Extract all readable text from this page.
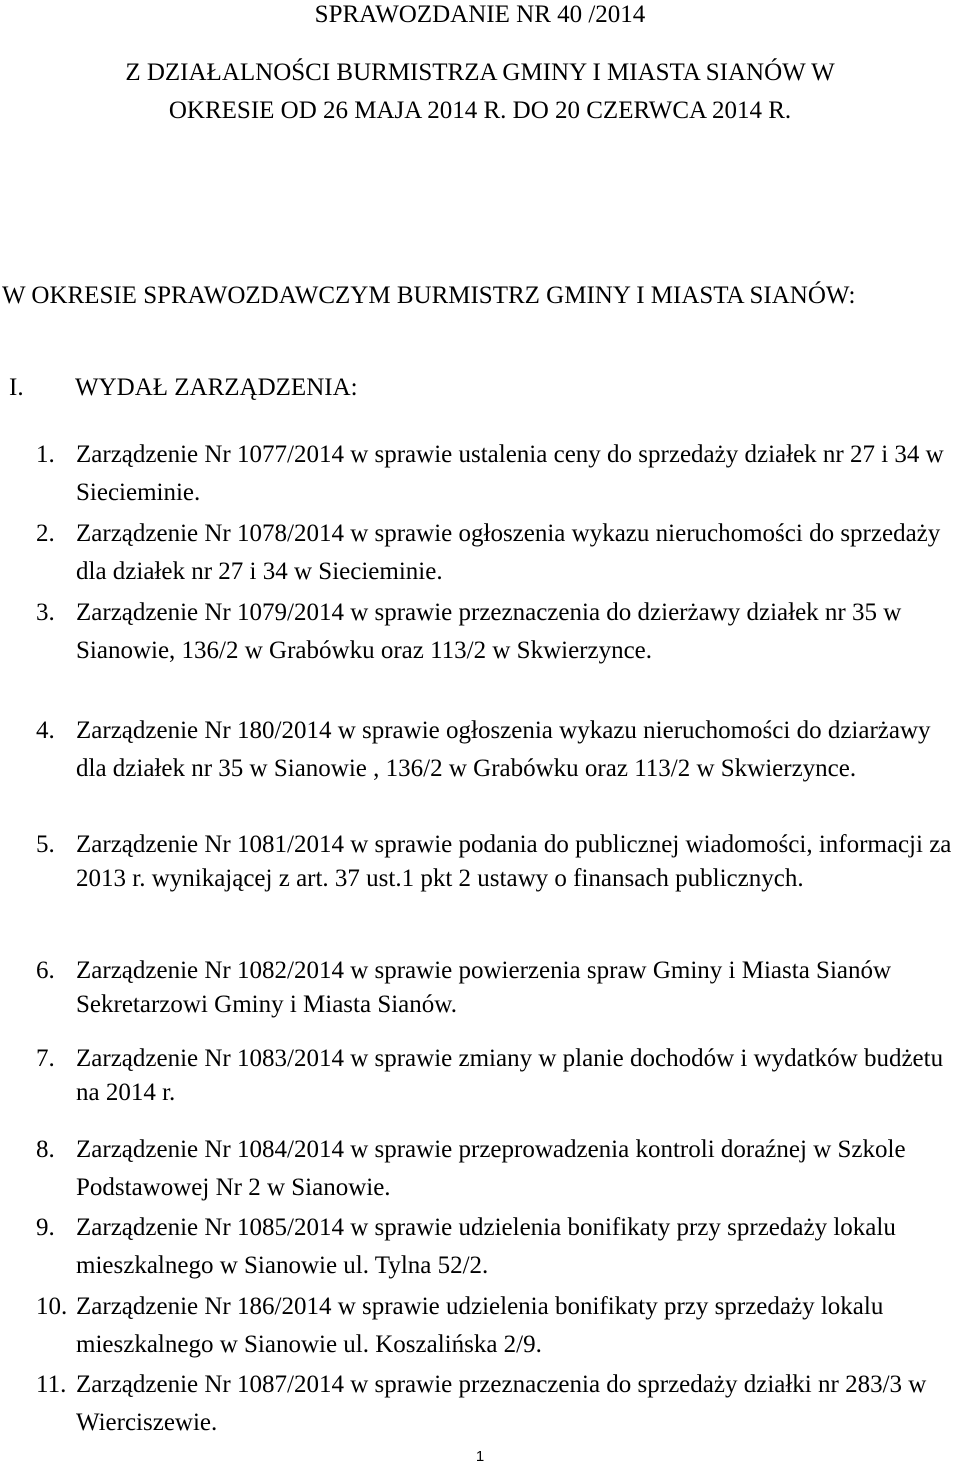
SPRAWOZDANIE NR 40 /2014
Z DZIAŁALNOŚCI BURMISTRZA GMINY I MIASTA SIANÓW W
OKRESIE OD 26 MAJA 2014 R. DO 20 CZERWCA 2014 R.
W OKRESIE SPRAWOZDAWCZYM BURMISTRZ GMINY I MIASTA SIANÓW:
I. WYDAŁ ZARZĄDZENIA:
1. Zarządzenie Nr 1077/2014 w sprawie ustalenia ceny do sprzedaży działek nr 27 i 34 w Siecieminie.
2. Zarządzenie Nr 1078/2014 w sprawie ogłoszenia wykazu nieruchomości do sprzedaży dla działek nr 27 i 34 w Siecieminie.
3. Zarządzenie Nr 1079/2014 w sprawie przeznaczenia do dzierżawy działek nr 35 w Sianowie, 136/2 w Grabówku oraz 113/2 w Skwierzynce.
4. Zarządzenie Nr 180/2014 w sprawie ogłoszenia wykazu nieruchomości do dziarżawy dla działek nr 35 w Sianowie , 136/2 w Grabówku oraz 113/2 w Skwierzynce.
5. Zarządzenie Nr 1081/2014 w sprawie podania do publicznej wiadomości, informacji za 2013 r. wynikającej z art. 37 ust.1 pkt 2 ustawy o finansach publicznych.
6. Zarządzenie Nr 1082/2014 w sprawie powierzenia spraw Gminy i Miasta Sianów Sekretarzowi Gminy i Miasta Sianów.
7. Zarządzenie Nr 1083/2014 w sprawie zmiany w planie dochodów i wydatków budżetu na 2014 r.
8. Zarządzenie Nr 1084/2014 w sprawie przeprowadzenia kontroli doraźnej w Szkole Podstawowej Nr 2 w Sianowie.
9. Zarządzenie Nr 1085/2014 w sprawie udzielenia bonifikaty przy sprzedaży lokalu mieszkalnego w Sianowie ul. Tylna 52/2.
10. Zarządzenie Nr 186/2014 w sprawie udzielenia bonifikaty przy sprzedaży lokalu mieszkalnego w Sianowie ul. Koszalińska 2/9.
11. Zarządzenie Nr 1087/2014 w sprawie przeznaczenia do sprzedaży działki nr 283/3 w Wierciszewie.
1
